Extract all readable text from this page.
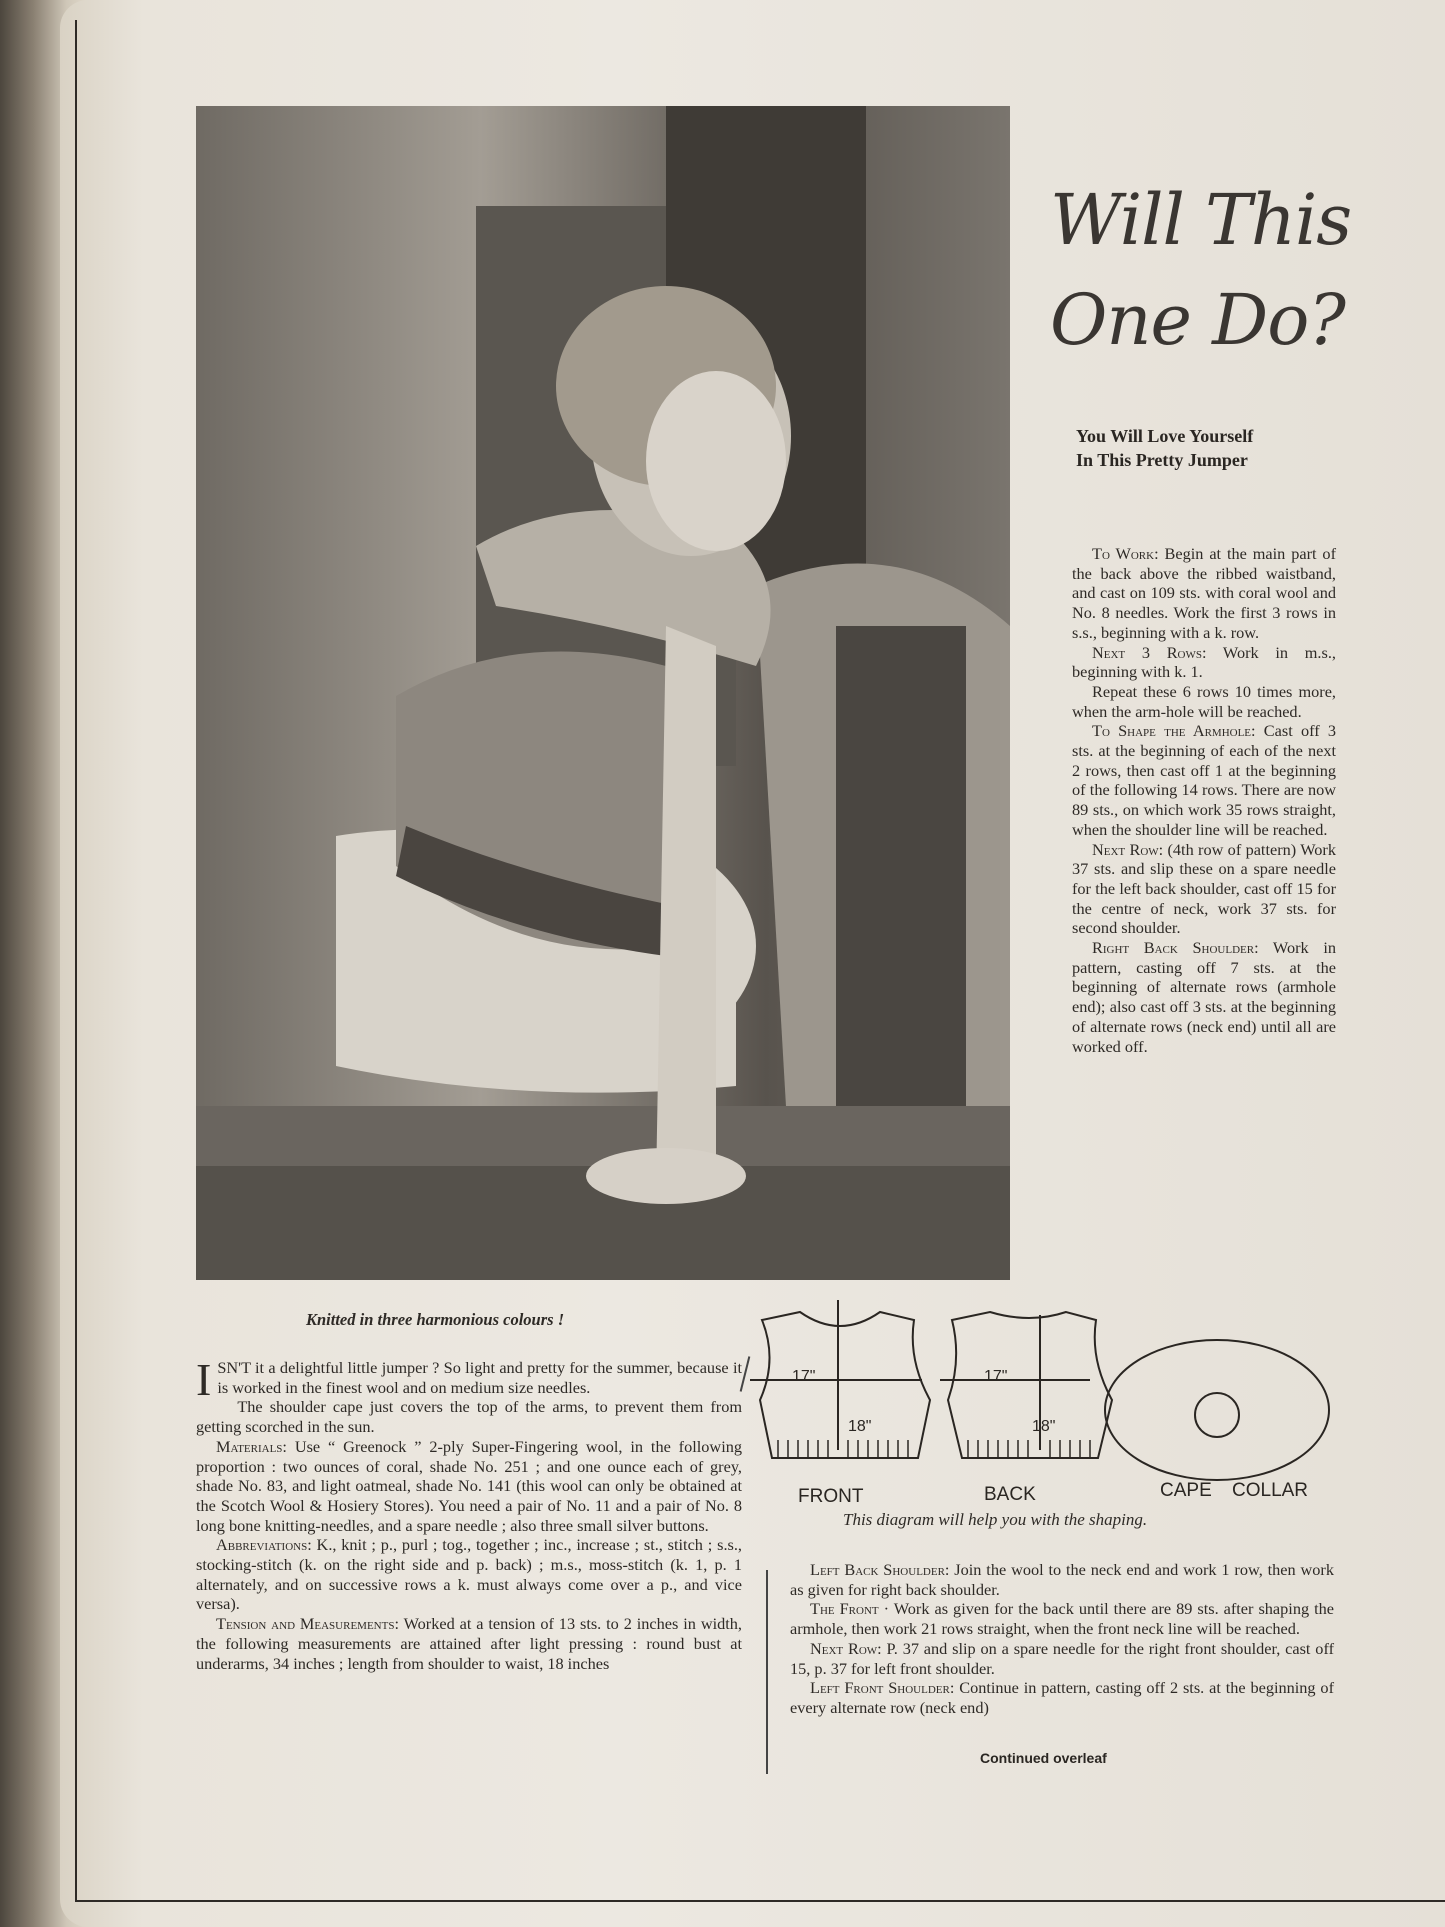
Will This
One Do?
You Will Love Yourself
In This Pretty Jumper

To Work: Begin at the main part of the back above the ribbed waistband, and cast on 109 sts. with coral wool and No. 8 needles. Work the first 3 rows in s.s., beginning with a k. row.

Next 3 Rows: Work in m.s., beginning with k. 1.

Repeat these 6 rows 10 times more, when the arm-hole will be reached.

To Shape the Armhole: Cast off 3 sts. at the beginning of each of the next 2 rows, then cast off 1 at the beginning of the following 14 rows. There are now 89 sts., on which work 35 rows straight, when the shoulder line will be reached.

Next Row: (4th row of pattern) Work 37 sts. and slip these on a spare needle for the left back shoulder, cast off 15 for the centre of neck, work 37 sts. for second shoulder.

Right Back Shoulder: Work in pattern, casting off 7 sts. at the beginning of alternate rows (armhole end); also cast off 3 sts. at the beginning of alternate rows (neck end) until all are worked off.

Knitted in three harmonious colours !

ISN'T it a delightful little jumper ? So light and pretty for the summer, because it is worked in the finest wool and on medium size needles.

The shoulder cape just covers the top of the arms, to prevent them from getting scorched in the sun.

Materials: Use “ Greenock ” 2-ply Super-Fingering wool, in the following proportion : two ounces of coral, shade No. 251 ; and one ounce each of grey, shade No. 83, and light oatmeal, shade No. 141 (this wool can only be obtained at the Scotch Wool & Hosiery Stores). You need a pair of No. 11 and a pair of No. 8 long bone knitting-needles, and a spare needle ; also three small silver buttons.

Abbreviations: K., knit ; p., purl ; tog., together ; inc., increase ; st., stitch ; s.s., stocking-stitch (k. on the right side and p. back) ; m.s., moss-stitch (k. 1, p. 1 alternately, and on successive rows a k. must always come over a p., and vice versa).

Tension and Measurements: Worked at a tension of 13 sts. to 2 inches in width, the following measurements are attained after light pressing : round bust at underarms, 34 inches ; length from shoulder to waist, 18 inches

17"
18"
17"
18"
FRONT	BACK	CAPE COLLAR
This diagram will help you with the shaping.

Left Back Shoulder: Join the wool to the neck end and work 1 row, then work as given for right back shoulder.

The Front · Work as given for the back until there are 89 sts. after shaping the armhole, then work 21 rows straight, when the front neck line will be reached.

Next Row: P. 37 and slip on a spare needle for the right front shoulder, cast off 15, p. 37 for left front shoulder.

Left Front Shoulder: Continue in pattern, casting off 2 sts. at the beginning of every alternate row (neck end)

Continued overleaf
